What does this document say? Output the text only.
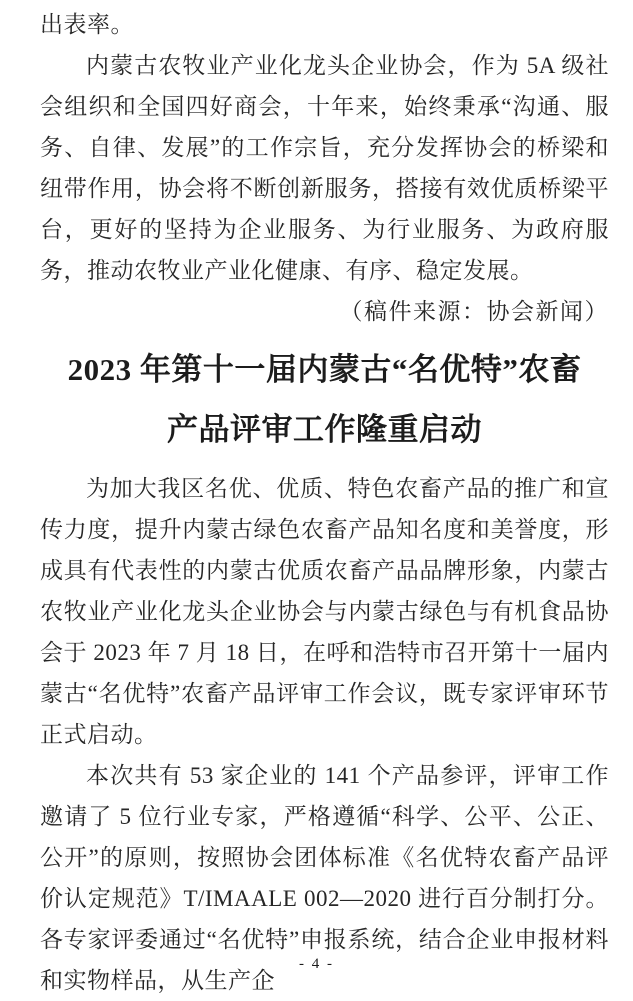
出表率。

内蒙古农牧业产业化龙头企业协会，作为 5A 级社会组织和全国四好商会，十年来，始终秉承“沟通、服务、自律、发展”的工作宗旨，充分发挥协会的桥梁和纽带作用，协会将不断创新服务，搭接有效优质桥梁平台，更好的坚持为企业服务、为行业服务、为政府服务，推动农牧业产业化健康、有序、稳定发展。

（稿件来源：协会新闻）

2023 年第十一届内蒙古“名优特”农畜
产品评审工作隆重启动

为加大我区名优、优质、特色农畜产品的推广和宣传力度，提升内蒙古绿色农畜产品知名度和美誉度，形成具有代表性的内蒙古优质农畜产品品牌形象，内蒙古农牧业产业化龙头企业协会与内蒙古绿色与有机食品协会于 2023 年 7 月 18 日，在呼和浩特市召开第十一届内蒙古“名优特”农畜产品评审工作会议，既专家评审环节正式启动。

本次共有 53 家企业的 141 个产品参评，评审工作邀请了 5 位行业专家，严格遵循“科学、公平、公正、公开”的原则，按照协会团体标准《名优特农畜产品评价认定规范》T/IMAALE 002—2020 进行百分制打分。各专家评委通过“名优特”申报系统，结合企业申报材料和实物样品，从生产企

- 4 -
